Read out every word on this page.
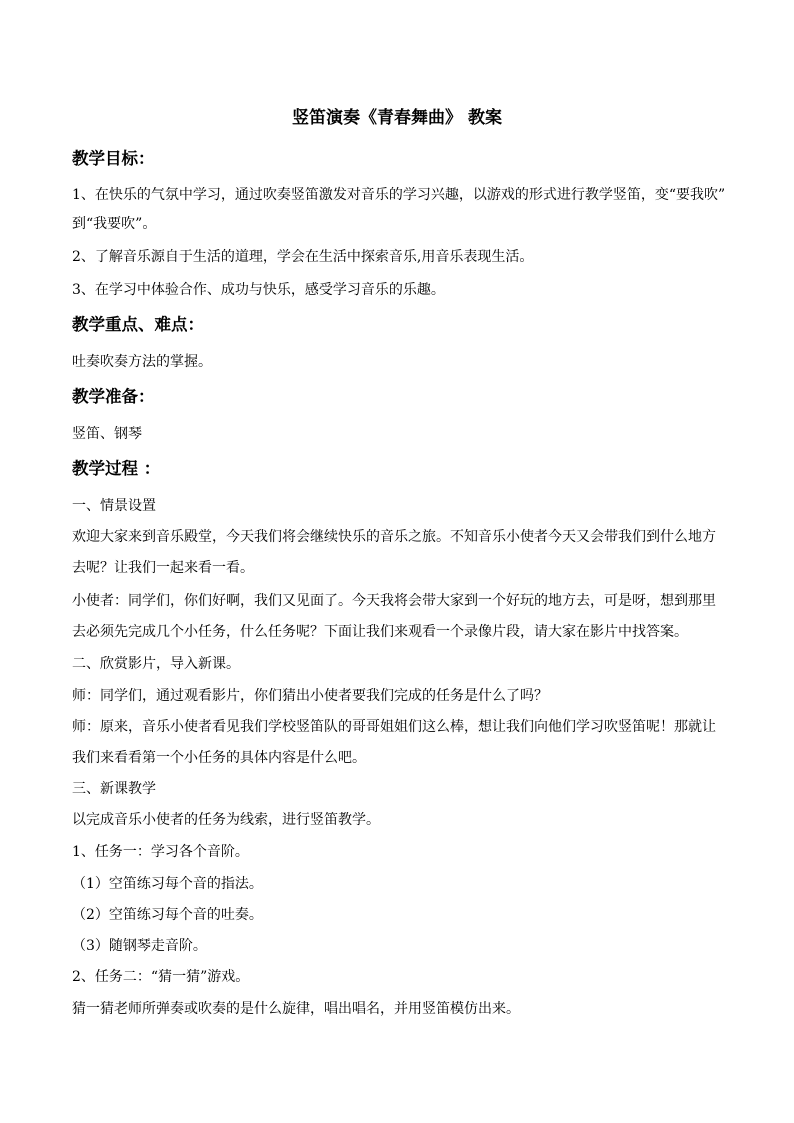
竖笛演奏《青春舞曲》 教案
教学目标：
1、在快乐的气氛中学习，通过吹奏竖笛激发对音乐的学习兴趣，以游戏的形式进行教学竖笛，变“要我吹”
到“我要吹”。
2、了解音乐源自于生活的道理，学会在生活中探索音乐,用音乐表现生活。
3、在学习中体验合作、成功与快乐，感受学习音乐的乐趣。
教学重点、难点：
吐奏吹奏方法的掌握。
教学准备：
竖笛、钢琴
教学过程 ：
一、情景设置
欢迎大家来到音乐殿堂，今天我们将会继续快乐的音乐之旅。不知音乐小使者今天又会带我们到什么地方
去呢？让我们一起来看一看。
小使者：同学们，你们好啊，我们又见面了。今天我将会带大家到一个好玩的地方去，可是呀，想到那里
去必须先完成几个小任务，什么任务呢？下面让我们来观看一个录像片段，请大家在影片中找答案。
二、欣赏影片，导入新课。
师：同学们，通过观看影片，你们猜出小使者要我们完成的任务是什么了吗？
师：原来，音乐小使者看见我们学校竖笛队的哥哥姐姐们这么棒，想让我们向他们学习吹竖笛呢！那就让
我们来看看第一个小任务的具体内容是什么吧。
三、新课教学
以完成音乐小使者的任务为线索，进行竖笛教学。
1、任务一：学习各个音阶。
（1）空笛练习每个音的指法。
（2）空笛练习每个音的吐奏。
（3）随钢琴走音阶。
2、任务二：“猜一猜”游戏。
猜一猜老师所弹奏或吹奏的是什么旋律，唱出唱名，并用竖笛模仿出来。
